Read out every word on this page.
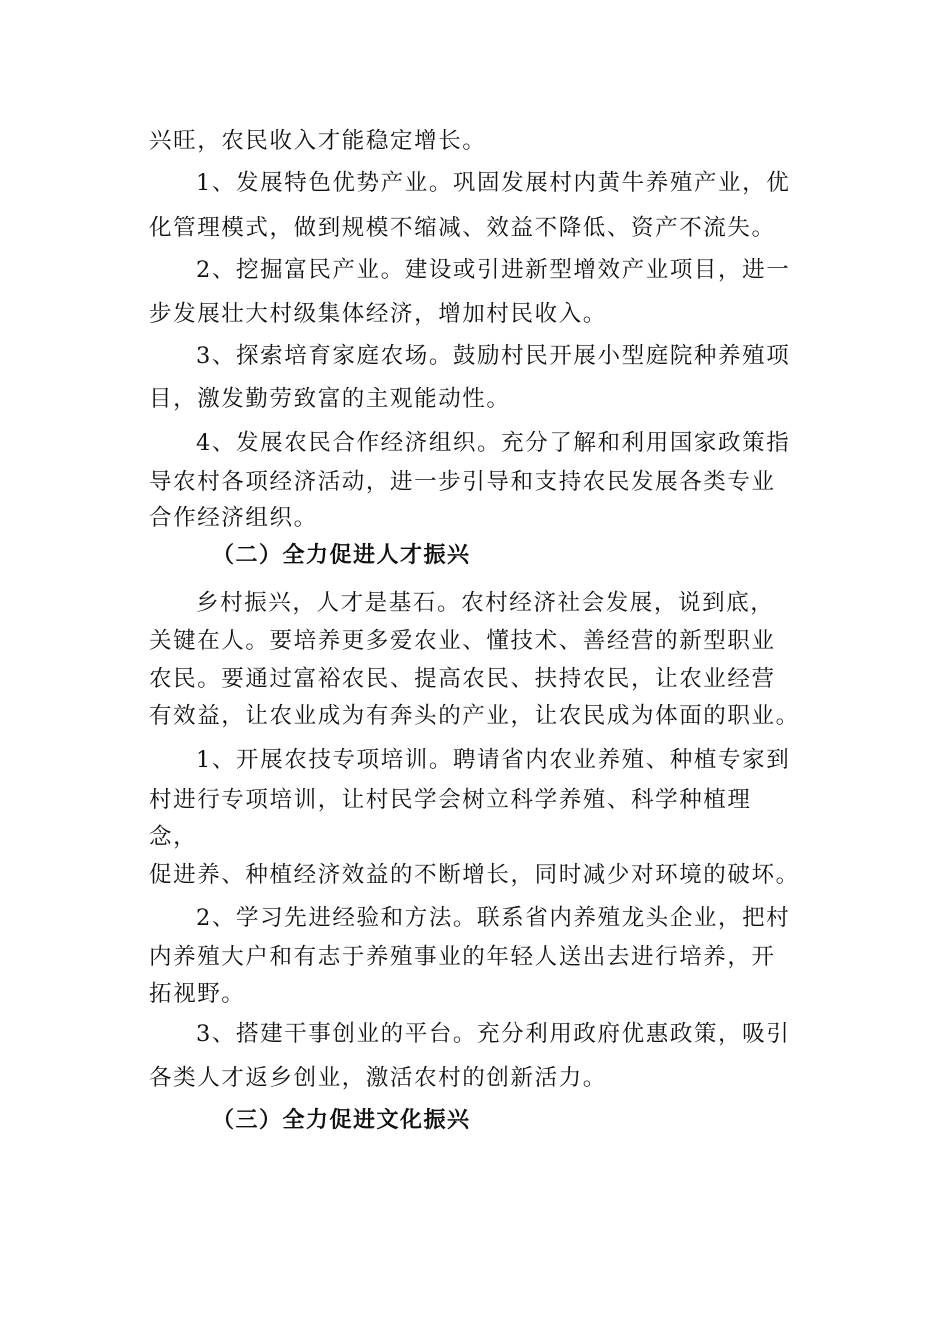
兴旺，农民收入才能稳定增长。
1、发展特色优势产业。巩固发展村内黄牛养殖产业，优
化管理模式，做到规模不缩减、效益不降低、资产不流失。
2、挖掘富民产业。建设或引进新型增效产业项目，进一
步发展壮大村级集体经济，增加村民收入。
3、探索培育家庭农场。鼓励村民开展小型庭院种养殖项
目，激发勤劳致富的主观能动性。
4、发展农民合作经济组织。充分了解和利用国家政策指
导农村各项经济活动，进一步引导和支持农民发展各类专业
合作经济组织。
（二）全力促进人才振兴
乡村振兴，人才是基石。农村经济社会发展，说到底，
关键在人。要培养更多爱农业、懂技术、善经营的新型职业
农民。要通过富裕农民、提高农民、扶持农民，让农业经营
有效益，让农业成为有奔头的产业，让农民成为体面的职业。
1、开展农技专项培训。聘请省内农业养殖、种植专家到
村进行专项培训，让村民学会树立科学养殖、科学种植理
念，
促进养、种植经济效益的不断增长，同时减少对环境的破坏。
2、学习先进经验和方法。联系省内养殖龙头企业，把村
内养殖大户和有志于养殖事业的年轻人送出去进行培养，开
拓视野。
3、搭建干事创业的平台。充分利用政府优惠政策，吸引
各类人才返乡创业，激活农村的创新活力。
（三）全力促进文化振兴
